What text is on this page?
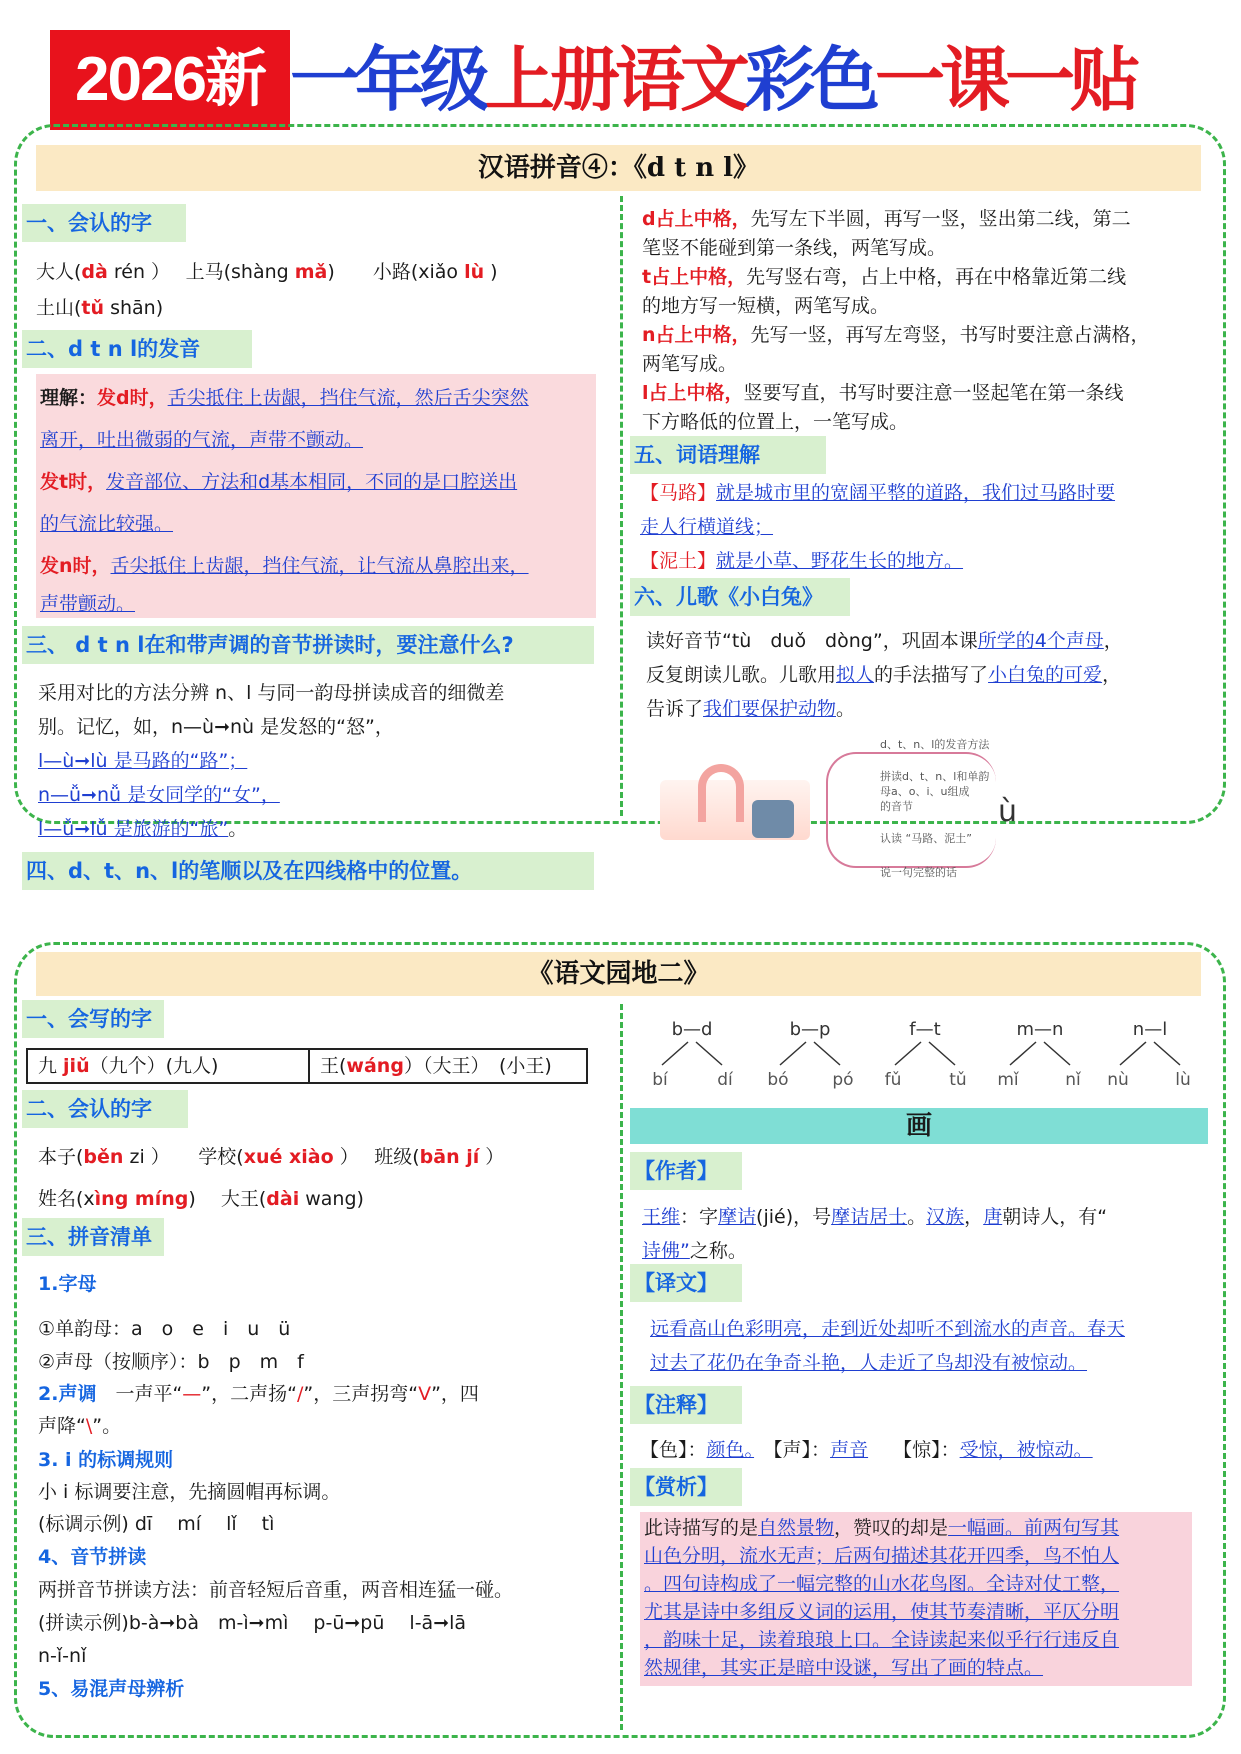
2026新 一年级上册语文彩色一课一贴
汉语拼音④：《d t n l》
一、会认的字
大人(dà rén ）　 上马(shàng mǎ)　　 小路(xiǎo lù )
土山(tǔ shān)
二、d t n l的发音
理解：发d时，舌尖抵住上齿龈，挡住气流，然后舌尖突然
离开，吐出微弱的气流，声带不颤动。
发t时，发音部位、方法和d基本相同，不同的是口腔送出
的气流比较强。
发n时，舌尖抵住上齿龈，挡住气流，让气流从鼻腔出来，
声带颤动。
三、 d t n l在和带声调的音节拼读时，要注意什么?
采用对比的方法分辨 n、l 与同一韵母拼读成音的细微差
别。记忆，如，n—ù➞nù 是发怒的“怒”，
l—ù➞lù 是马路的“路”；
n—ǚ➞nǚ 是女同学的“女”，
l—ǚ➞lǚ 是旅游的“旅”。
四、d、t、n、l的笔顺以及在四线格中的位置。
d占上中格，先写左下半圆，再写一竖，竖出第二线，第二
笔竖不能碰到第一条线，两笔写成。
t占上中格，先写竖右弯，占上中格，再在中格靠近第二线
的地方写一短横，两笔写成。
n占上中格，先写一竖，再写左弯竖，书写时要注意占满格，
两笔写成。
l占上中格，竖要写直，书写时要注意一竖起笔在第一条线
下方略低的位置上，一笔写成。
五、词语理解
【马路】就是城市里的宽阔平整的道路，我们过马路时要
走人行横道线；
【泥土】就是小草、野花生长的地方。
六、儿歌《小白兔》
读好音节“tù　duǒ　dòng”，巩固本课所学的4个声母，
反复朗读儿歌。儿歌用拟人的手法描写了小白兔的可爱，
告诉了我们要保护动物。
d、t、n、l的发音方法
拼读d、t、n、l和单韵
母a、o、i、u组成
的音节
认读 “马路、泥土”
说一句完整的话
ù
《语文园地二》
一、会写的字
九 jiǔ（九个）(九人)	王(wáng）（大王）　(小王)
二、会认的字
本子(běn zi ）　　 学校(xué xiào ）　 班级(bān jí ）
姓名(xìng míng)　 大王(dài wang)
三、拼音清单
1.字母
①单韵母：a　o　e　i　u　ü
②声母（按顺序）：b　p　m　f
2.声调　一声平“—”，二声扬“/”，三声拐弯“V”，四
声降“\”。
3. i 的标调规则
小 i 标调要注意，先摘圆帽再标调。
(标调示例) dī　 mí　 lǐ　 tì
4、音节拼读
两拼音节拼读方法：前音轻短后音重，两音相连猛一碰。
(拼读示例)b-à➞bà　m-ì➞mì　 p-ū➞pū　 l-ā➞lā
n-ǐ-nǐ
5、易混声母辨析
b—d
bí	dí
b—p
bó	pó
f—t
fǔ	tǔ
m—n
mǐ	nǐ
n—l
nù	lù
画
【作者】
王维：字摩诘(jié)，号摩诘居士。汉族，唐朝诗人，有“
诗佛”之称。
【译文】
远看高山色彩明亮，走到近处却听不到流水的声音。春天
过去了花仍在争奇斗艳，人走近了鸟却没有被惊动。
【注释】
【色】：颜色。　【声】：声音　 【惊】：受惊，被惊动。
【赏析】
此诗描写的是自然景物，赞叹的却是一幅画。前两句写其
山色分明，流水无声；后两句描述其花开四季，鸟不怕人
。四句诗构成了一幅完整的山水花鸟图。全诗对仗工整，
尤其是诗中多组反义词的运用，使其节奏清晰，平仄分明
，韵味十足，读着琅琅上口。全诗读起来似乎行行违反自
然规律，其实正是暗中设谜，写出了画的特点。
